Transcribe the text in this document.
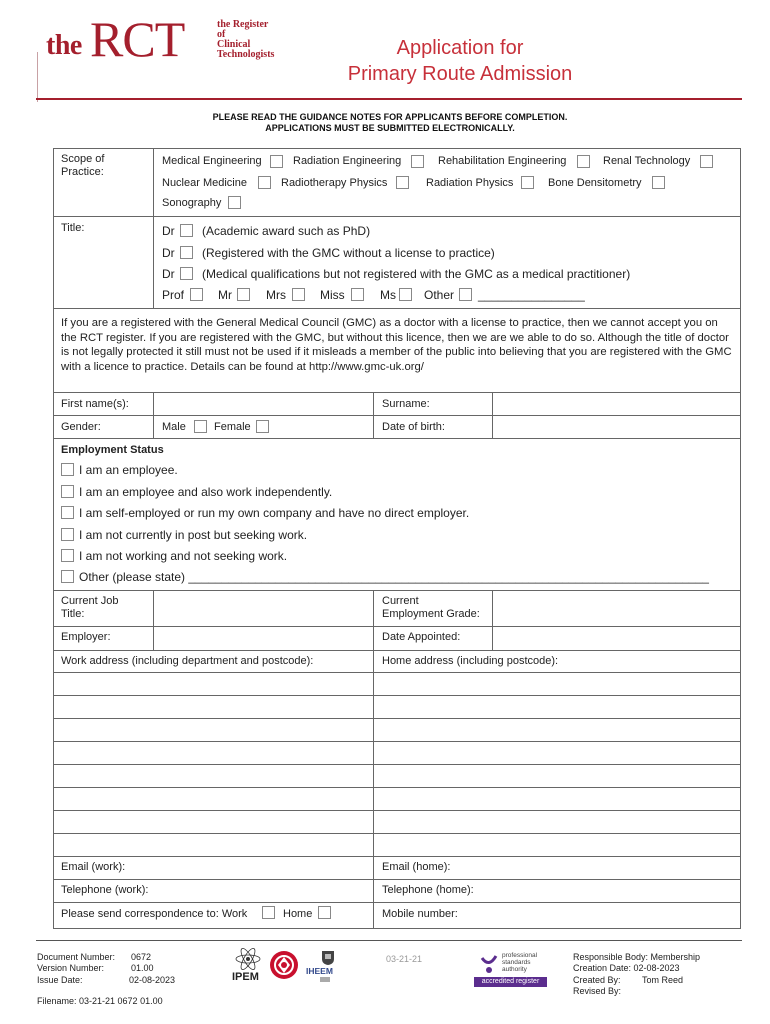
the RCT	the Register
of
Clinical
Technologists	Application for
Primary Route Admission
PLEASE READ THE GUIDANCE NOTES FOR APPLICANTS BEFORE COMPLETION.
APPLICATIONS MUST BE SUBMITTED ELECTRONICALLY.
Scope of
Practice:
Medical Engineering	Radiation Engineering	Rehabilitation Engineering	Renal Technology
Nuclear Medicine	Radiotherapy Physics	Radiation Physics	Bone Densitometry
Sonography
Title:	Dr (Academic award such as PhD)
Dr (Registered with the GMC without a license to practice)
Dr (Medical qualifications but not registered with the GMC as a medical practitioner)
Prof	Mr	Mrs	Miss	Ms Other ________________
If you are a registered with the General Medical Council (GMC) as a doctor with a license to practice, then we cannot accept you on the RCT register. If you are registered with the GMC, but without this licence, then we are we able to do so. Although the title of doctor is not legally protected it still must not be used if it misleads a member of the public into believing that you are registered with the GMC with a licence to practice. Details can be found at http://www.gmc-uk.org/
First name(s):	Surname:
Gender:	Male	Female	Date of birth:
Employment Status
I am an employee.
I am an employee and also work independently.
I am self-employed or run my own company and have no direct employer.
I am not currently in post but seeking work.
I am not working and not seeking work.
Other (please state) ______________________________________________________________________________
Current Job
Title:
Current
Employment Grade:
Employer:	Date Appointed:
Work address (including department and postcode):	Home address (including postcode):
Email (work):	Email (home):
Telephone (work):	Telephone (home):
Please send correspondence to: Work	Home	Mobile number:
Document Number: 0672
Version Number:	01.00
Issue Date:	02-08-2023
Filename: 03-21-21 0672 01.00
IPEM	IHEEM
03-21-21	professional
standards
authority
accredited register
Responsible Body: Membership
Creation Date: 02-08-2023
Created By: Tom Reed
Revised By:
